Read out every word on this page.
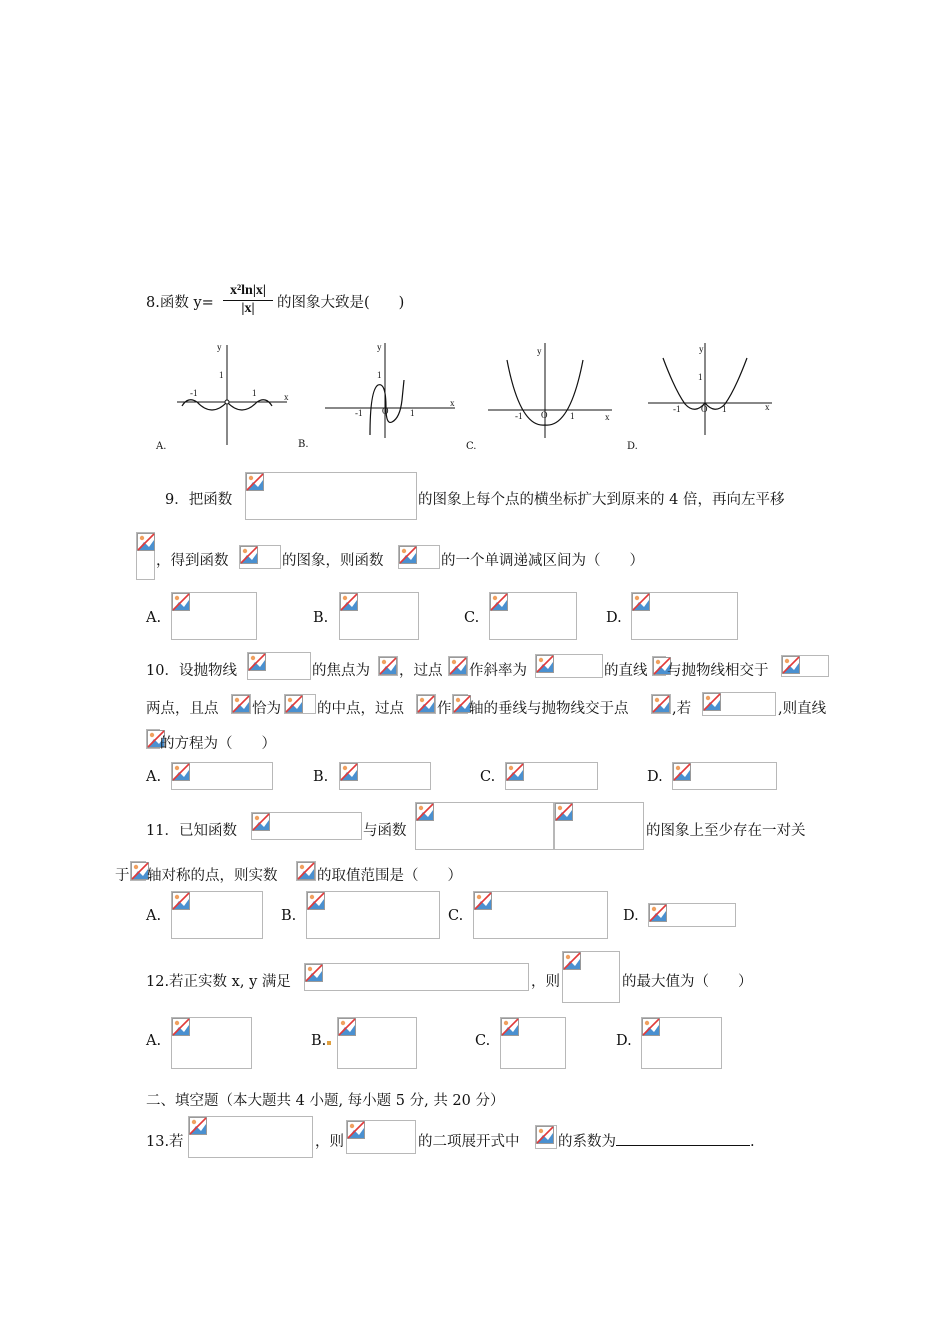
8.函数 $y= \frac{\text{x²ln|x|}}{|x|}$ 的图象大致是(　　)
y
x
1
-1	1
A.
y
x
1
-1	1
O
B.
y
x
-1	1
O
C.
y
x
1
-1	1
O
D.
9．把函数	的图象上每个点的横坐标扩大到原来的 4 倍，再向左平移
，得到函数	的图象，则函数	的一个单调递减区间为（　　）
A.	B.	C.	D.
10．设抛物线	的焦点为 ，过点 作斜率为	的直线 与抛物线相交于
两点，且点 恰为 的中点，过点 作 轴的垂线与抛物线交于点	,若	,则直线
的方程为（　　）
A.	B.	C.	D.
11．已知函数	与函数	的图象上至少存在一对关
于 轴对称的点，则实数	的取值范围是（　　）
A.	B.	C.	D.
12.若正实数 x, y 满足	，则	的最大值为（　　）
A.	B.	C.	D.
二、填空题（本大题共 4 小题, 每小题 5 分, 共 20 分）
13.若	，则	的二项展开式中	的系数为	.
